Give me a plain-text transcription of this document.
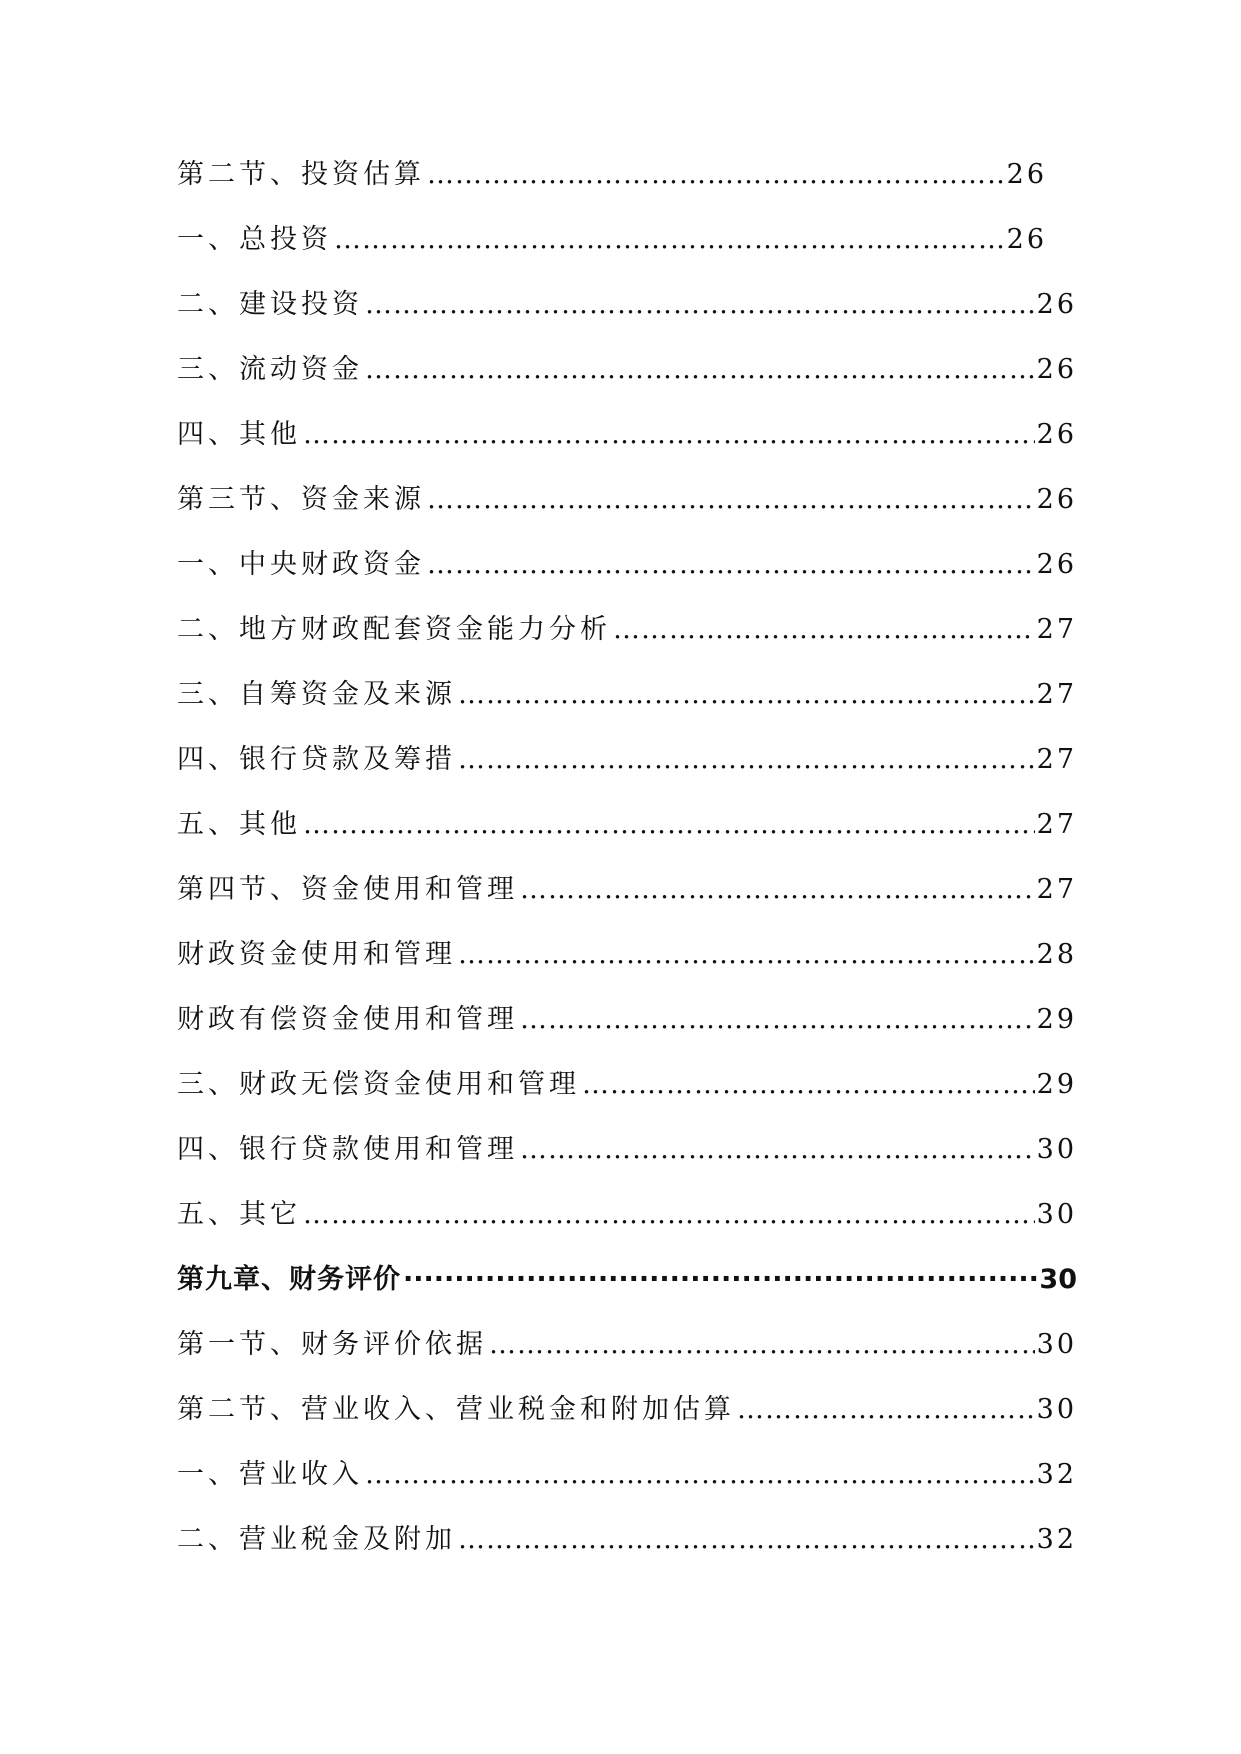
第二节、投资估算 …………………………………………………………………………………………………………………………………………………………………………………………………………	26
一、总投资 …………………………………………………………………………………………………………………………………………………………………………………………………………	26
二、建设投资 …………………………………………………………………………………………………………………………………………………………………………………………………………	26
三、流动资金 …………………………………………………………………………………………………………………………………………………………………………………………………………	26
四、其他 …………………………………………………………………………………………………………………………………………………………………………………………………………	26
第三节、资金来源 …………………………………………………………………………………………………………………………………………………………………………………………………………	26
一、中央财政资金 …………………………………………………………………………………………………………………………………………………………………………………………………………	26
二、地方财政配套资金能力分析 …………………………………………………………………………………………………………………………………………………………………………………………………………	27
三、自筹资金及来源 …………………………………………………………………………………………………………………………………………………………………………………………………………	27
四、银行贷款及筹措 …………………………………………………………………………………………………………………………………………………………………………………………………………	27
五、其他 …………………………………………………………………………………………………………………………………………………………………………………………………………	27
第四节、资金使用和管理 …………………………………………………………………………………………………………………………………………………………………………………………………………	27
财政资金使用和管理 …………………………………………………………………………………………………………………………………………………………………………………………………………	28
财政有偿资金使用和管理 …………………………………………………………………………………………………………………………………………………………………………………………………………	29
三、财政无偿资金使用和管理 …………………………………………………………………………………………………………………………………………………………………………………………………………	29
四、银行贷款使用和管理 …………………………………………………………………………………………………………………………………………………………………………………………………………	30
五、其它 …………………………………………………………………………………………………………………………………………………………………………………………………………	30
第九章、财务评价 ·····	30
第一节、财务评价依据 …………………………………………………………………………………………………………………………………………………………………………………………………………	30
第二节、营业收入、营业税金和附加估算 …………………………………………………………………………………………………………………………………………………………………………………………………………	30
一、营业收入 …………………………………………………………………………………………………………………………………………………………………………………………………………	32
二、营业税金及附加 …………………………………………………………………………………………………………………………………………………………………………………………………………	32
